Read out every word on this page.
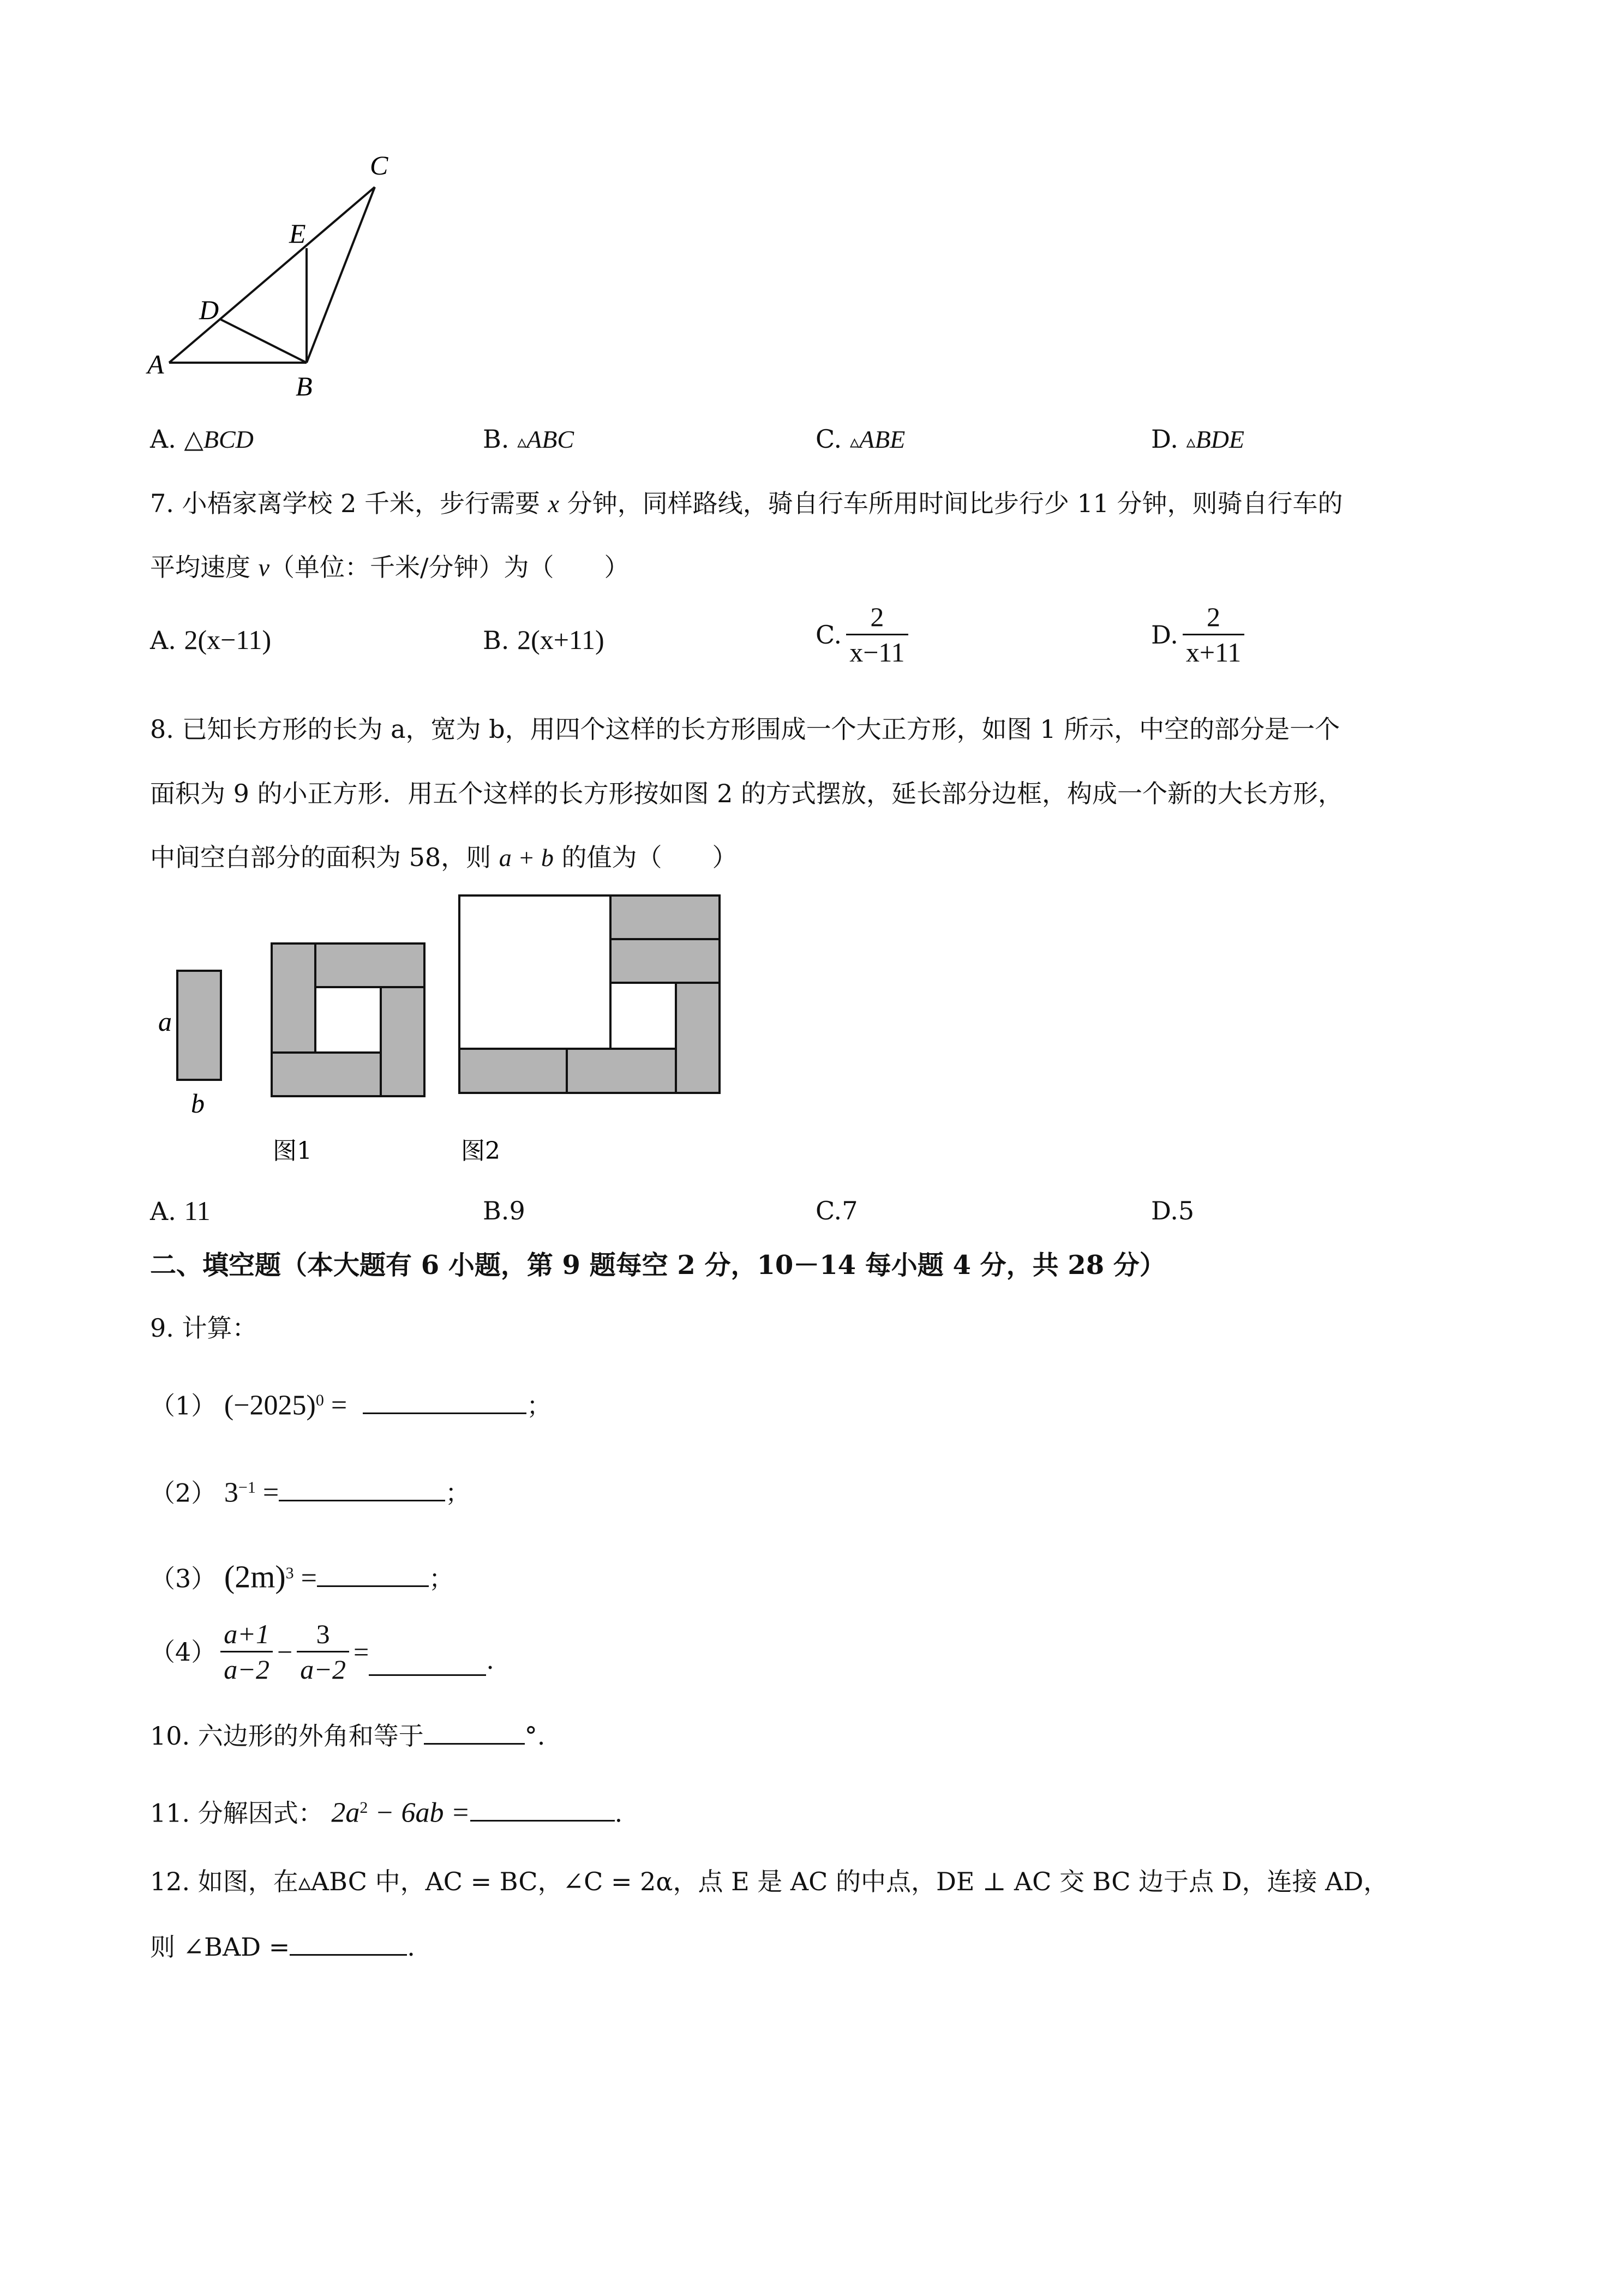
A
B
C
D
E
A. △BCD	B. ▵ABC	C. ▵ABE	D. ▵BDE
7. 小梧家离学校 2 千米，步行需要 x 分钟，同样路线，骑自行车所用时间比步行少 11 分钟，则骑自行车的
平均速度 v（单位：千米/分钟）为（　　）
A. 2(x−11)	B. 2(x+11)	C. $\frac{2}{x-11}$	D. $\frac{2}{x+11}$
8. 已知长方形的长为 a，宽为 b，用四个这样的长方形围成一个大正方形，如图 1 所示，中空的部分是一个
面积为 9 的小正方形．用五个这样的长方形按如图 2 的方式摆放，延长部分边框，构成一个新的大长方形，
中间空白部分的面积为 58，则 a + b 的值为（　　）
a
b
图1	图2
A. 11	B.9	C.7	D.5
二、填空题（本大题有 6 小题，第 9 题每空 2 分，10－14 每小题 4 分，共 28 分）
9. 计算：
（1） $(-2025)^0$ =	；
（2） $3^{-1}$ =	；
（3） $(2m)^3$ =	；
$(4) \frac{a+1}{a-2} - \frac{3}{a-2}$ =	.
10. 六边形的外角和等于	°.
11. 分解因式： $2a^2 - 6ab$ =	.
12. 如图，在▵ABC 中，AC = BC，∠C = 2α，点 E 是 AC 的中点，DE ⊥ AC 交 BC 边于点 D，连接 AD，
则 ∠BAD =	.
